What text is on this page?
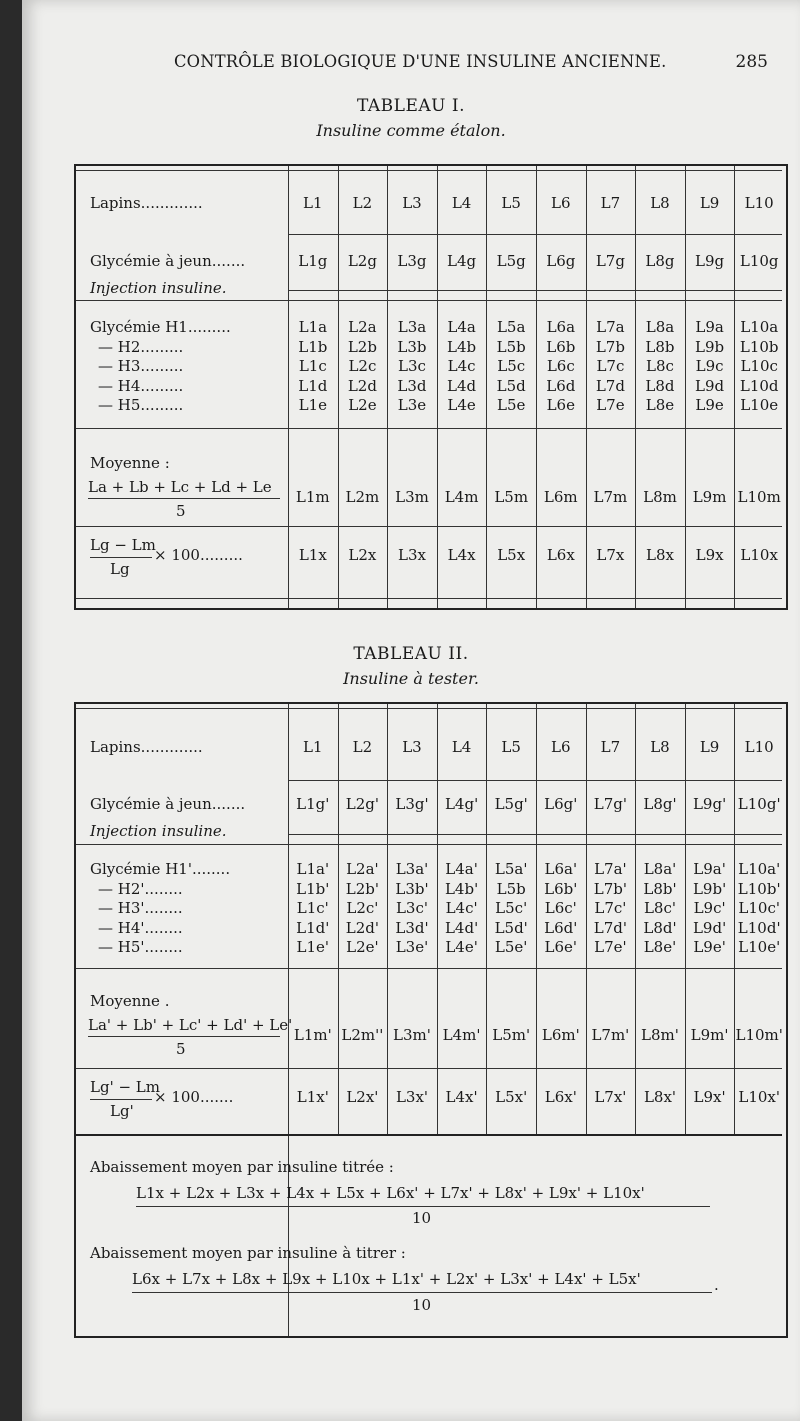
CONTRÔLE BIOLOGIQUE D'UNE INSULINE ANCIENNE.	285
TABLEAU I.
Insuline comme étalon.
Lapins.............	L1	L2	L3	L4	L5	L6	L7	L8	L9	L10
Glycémie à jeun.......	L1g	L2g	L3g	L4g	L5g	L6g	L7g	L8g	L9g	L10g
Injection insuline.
Glycémie H1.........	L1a	L2a	L3a	L4a	L5a	L6a	L7a	L8a	L9a	L10a
— H2.........	L1b	L2b	L3b	L4b	L5b	L6b	L7b	L8b	L9b	L10b
— H3.........	L1c	L2c	L3c	L4c	L5c	L6c	L7c	L8c	L9c	L10c
— H4.........	L1d	L2d	L3d	L4d	L5d	L6d	L7d	L8d	L9d	L10d
— H5.........	L1e	L2e	L3e	L4e	L5e	L6e	L7e	L8e	L9e	L10e
Moyenne :
La + Lb + Lc + Ld + Le
5
L1m	L2m	L3m	L4m	L5m	L6m	L7m	L8m	L9m L10m
Lg − Lm
Lg
× 100.........	L1x	L2x	L3x	L4x	L5x	L6x	L7x	L8x	L9x	L10x
TABLEAU II.
Insuline à tester.
Lapins.............	L1	L2	L3	L4	L5	L6	L7	L8	L9	L10
Glycémie à jeun.......	L1g'	L2g'	L3g'	L4g'	L5g'	L6g'	L7g'	L8g'	L9g' L10g'
Injection insuline.
Glycémie H1'........	L1a'	L2a'	L3a'	L4a'	L5a'	L6a'	L7a'	L8a'	L9a' L10a'
— H2'........	L1b'	L2b'	L3b'	L4b'	L5b	L6b'	L7b'	L8b'	L9b' L10b'
— H3'........	L1c'	L2c'	L3c'	L4c'	L5c'	L6c'	L7c'	L8c'	L9c' L10c'
— H4'........	L1d'	L2d'	L3d'	L4d'	L5d'	L6d'	L7d'	L8d'	L9d' L10d'
— H5'........	L1e'	L2e'	L3e'	L4e'	L5e'	L6e'	L7e'	L8e'	L9e' L10e'
Moyenne .
La' + Lb' + Lc' + Ld' + Le'
5
L1m' L2m'' L3m' L4m' L5m' L6m' L7m' L8m' L9m' L10m'
Lg' − Lm
Lg'
× 100.......	L1x'	L2x'	L3x'	L4x'	L5x'	L6x'	L7x'	L8x'	L9x' L10x'
Abaissement moyen par insuline titrée :
L1x + L2x + L3x + L4x + L5x + L6x' + L7x' + L8x' + L9x' + L10x'
10
Abaissement moyen par insuline à titrer :
L6x + L7x + L8x + L9x + L10x + L1x' + L2x' + L3x' + L4x' + L5x'	.
10
